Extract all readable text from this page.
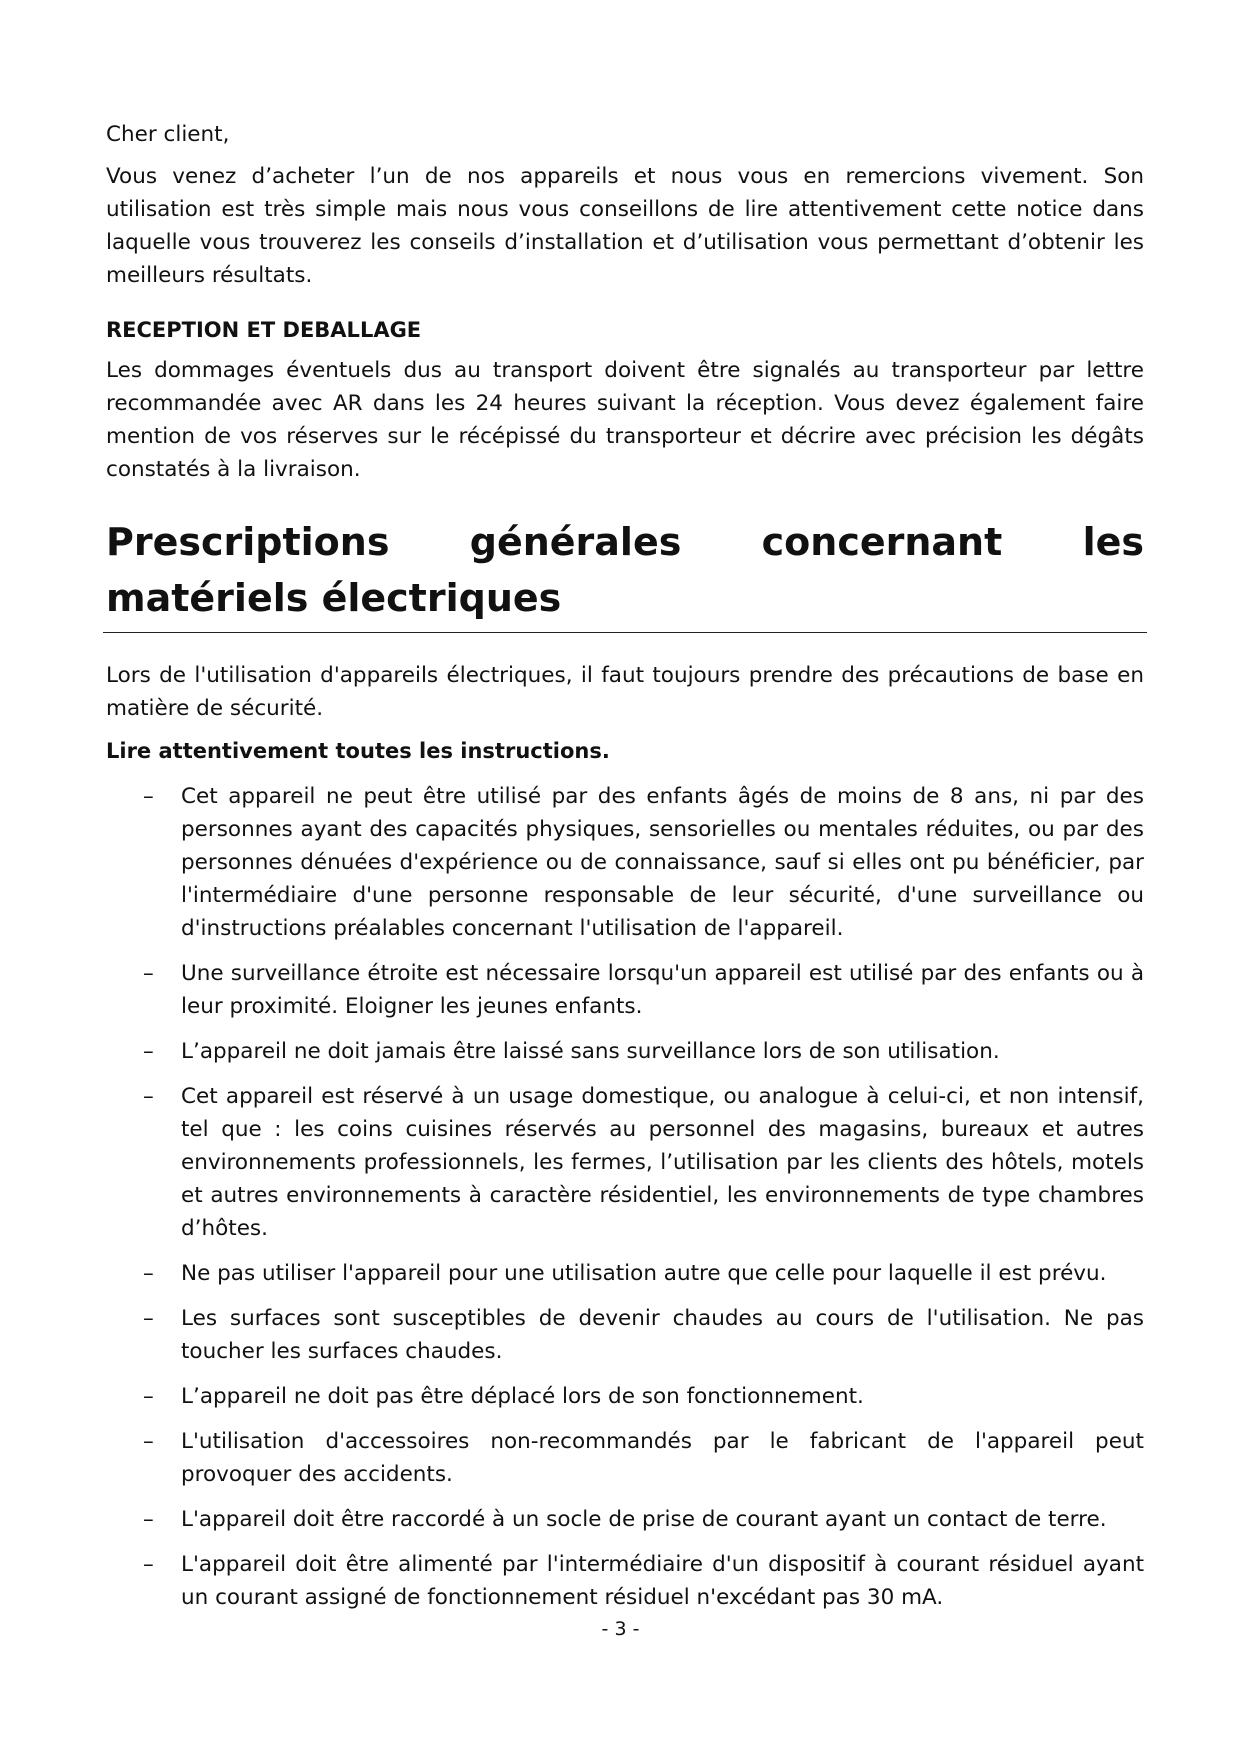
Cher client,

Vous venez d’acheter l’un de nos appareils et nous vous en remercions vivement. Son utilisation est très simple mais nous vous conseillons de lire attentivement cette notice dans laquelle vous trouverez les conseils d’installation et d’utilisation vous permettant d’obtenir les meilleurs résultats.

RECEPTION ET DEBALLAGE

Les dommages éventuels dus au transport doivent être signalés au transporteur par lettre recommandée avec AR dans les 24 heures suivant la réception. Vous devez également faire mention de vos réserves sur le récépissé du transporteur et décrire avec précision les dégâts constatés à la livraison.

Prescriptions générales concernant les matériels électriques

Lors de l'utilisation d'appareils électriques, il faut toujours prendre des précautions de base en matière de sécurité.

Lire attentivement toutes les instructions.

– Cet appareil ne peut être utilisé par des enfants âgés de moins de 8 ans, ni par des personnes ayant des capacités physiques, sensorielles ou mentales réduites, ou par des personnes dénuées d'expérience ou de connaissance, sauf si elles ont pu bénéficier, par l'intermédiaire d'une personne responsable de leur sécurité, d'une surveillance ou d'instructions préalables concernant l'utilisation de l'appareil.
– Une surveillance étroite est nécessaire lorsqu'un appareil est utilisé par des enfants ou à leur proximité. Eloigner les jeunes enfants.
– L’appareil ne doit jamais être laissé sans surveillance lors de son utilisation.
– Cet appareil est réservé à un usage domestique, ou analogue à celui-ci, et non intensif, tel que : les coins cuisines réservés au personnel des magasins, bureaux et autres environnements professionnels, les fermes, l’utilisation par les clients des hôtels, motels et autres environnements à caractère résidentiel, les environnements de type chambres d’hôtes.
– Ne pas utiliser l'appareil pour une utilisation autre que celle pour laquelle il est prévu.
– Les surfaces sont susceptibles de devenir chaudes au cours de l'utilisation. Ne pas toucher les surfaces chaudes.
– L’appareil ne doit pas être déplacé lors de son fonctionnement.
– L'utilisation d'accessoires non-recommandés par le fabricant de l'appareil peut provoquer des accidents.
– L'appareil doit être raccordé à un socle de prise de courant ayant un contact de terre.
– L'appareil doit être alimenté par l'intermédiaire d'un dispositif à courant résiduel ayant un courant assigné de fonctionnement résiduel n'excédant pas 30 mA.
- 3 -
